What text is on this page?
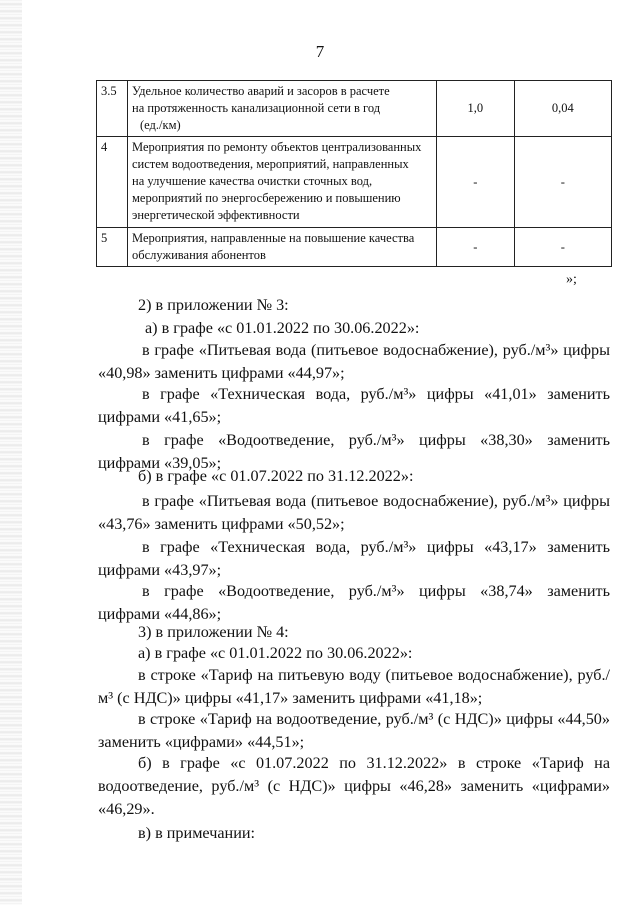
7
3.5	Удельное количество аварий и засоров в расчете
на протяженность канализационной сети в год
(ед./км)	1,0	0,04
4	Мероприятия по ремонту объектов централизованных
систем водоотведения, мероприятий, направленных
на улучшение качества очистки сточных вод,
мероприятий по энергосбережению и повышению
энергетической эффективности	-	-
5	Мероприятия, направленные на повышение качества
обслуживания абонентов	-	-
»;
2) в приложении № 3:
а) в графе «с 01.01.2022 по 30.06.2022»:
в графе «Питьевая вода (питьевое водоснабжение), руб./м³» цифры «40,98» заменить цифрами «44,97»;
в графе «Техническая вода, руб./м³» цифры «41,01» заменить цифрами «41,65»;
в графе «Водоотведение, руб./м³» цифры «38,30» заменить цифрами «39,05»;
б) в графе «с 01.07.2022 по 31.12.2022»:
в графе «Питьевая вода (питьевое водоснабжение), руб./м³» цифры «43,76» заменить цифрами «50,52»;
в графе «Техническая вода, руб./м³» цифры «43,17» заменить цифрами «43,97»;
в графе «Водоотведение, руб./м³» цифры «38,74» заменить цифрами «44,86»;
3) в приложении № 4:
а) в графе «с 01.01.2022 по 30.06.2022»:
в строке «Тариф на питьевую воду (питьевое водоснабжение), руб./м³ (с НДС)» цифры «41,17» заменить цифрами «41,18»;
в строке «Тариф на водоотведение, руб./м³ (с НДС)» цифры «44,50» заменить «цифрами» «44,51»;
б) в графе «с 01.07.2022 по 31.12.2022» в строке «Тариф на водоотведение, руб./м³ (с НДС)» цифры «46,28» заменить «цифрами» «46,29».
в) в примечании:
